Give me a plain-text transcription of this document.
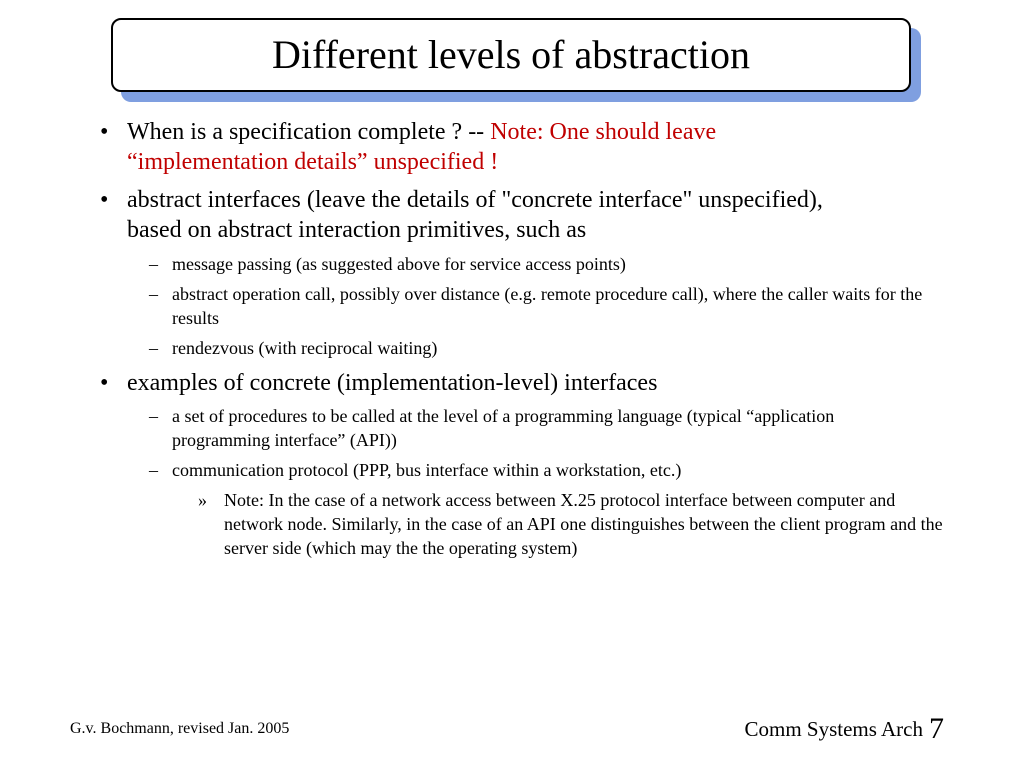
Different levels of abstraction
• When is a specification complete ? -- Note: One should leave “implementation details” unspecified !
• abstract interfaces (leave the details of "concrete interface" unspecified), based on abstract interaction primitives, such as
– message passing (as suggested above for service access points)
– abstract operation call, possibly over distance (e.g. remote procedure call), where the caller waits for the results
– rendezvous (with reciprocal waiting)
• examples of concrete (implementation-level) interfaces
– a set of procedures to be called at the level of a programming language (typical “application programming interface” (API))
– communication protocol (PPP, bus interface within a workstation, etc.)
» Note: In the case of a network access between X.25 protocol interface between computer and network node. Similarly, in the case of an API one distinguishes between the client program and the server side (which may the the operating system)
G.v. Bochmann, revised Jan. 2005	Comm Systems Arch 7
